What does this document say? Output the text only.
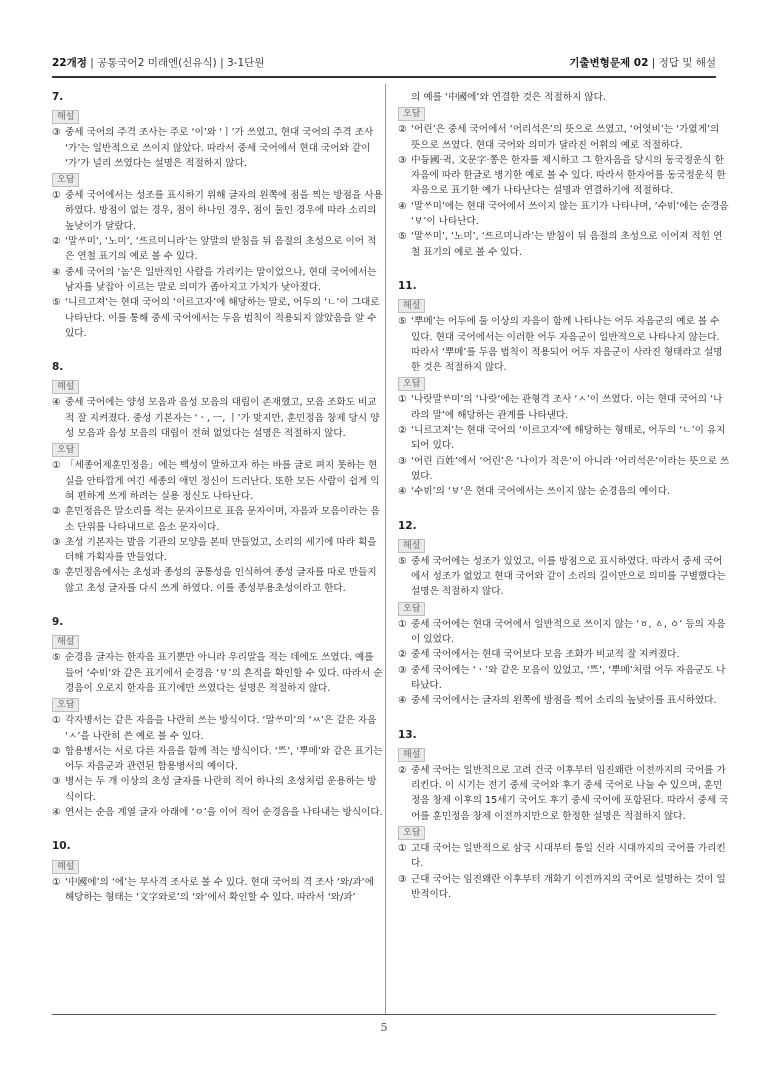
22개정 | 공통국어2 미래엔(신유식) | 3-1단원	기출변형문제 02 | 정답 및 해설
7.
해설
③ 중세 국어의 주격 조사는 주로 ‘이’와 ‘ㅣ’가 쓰였고, 현대 국어의 주격 조사 ‘가’는 일반적으로 쓰이지 않았다. 따라서 중세 국어에서 현대 국어와 같이 ‘가’가 널리 쓰였다는 설명은 적절하지 않다.
오답
① 중세 국어에서는 성조를 표시하기 위해 글자의 왼쪽에 점을 찍는 방점을 사용하였다. 방점이 없는 경우, 점이 하나인 경우, 점이 둘인 경우에 따라 소리의 높낮이가 달랐다.
② ‘말ᄊᆞ미’, ‘노미’, ‘ᄯᅳ르미니라’는 앞말의 받침을 뒤 음절의 초성으로 이어 적은 연철 표기의 예로 볼 수 있다.
④ 중세 국어의 ‘놈’은 일반적인 사람을 가리키는 말이었으나, 현대 국어에서는 남자를 낮잡아 이르는 말로 의미가 좁아지고 가치가 낮아졌다.
⑤ ‘니르고져’는 현대 국어의 ‘이르고자’에 해당하는 말로, 어두의 ‘ㄴ’이 그대로 나타난다. 이를 통해 중세 국어에서는 두음 법칙이 적용되지 않았음을 알 수 있다.
8.
해설
④ 중세 국어에는 양성 모음과 음성 모음의 대립이 존재했고, 모음 조화도 비교적 잘 지켜졌다. 중성 기본자는 ‘ㆍ, ㅡ, ㅣ’가 맞지만, 훈민정음 창제 당시 양성 모음과 음성 모음의 대립이 전혀 없었다는 설명은 적절하지 않다.
오답
① 「세종어제훈민정음」에는 백성이 말하고자 하는 바를 글로 펴지 못하는 현실을 안타깝게 여긴 세종의 애민 정신이 드러난다. 또한 모든 사람이 쉽게 익혀 편하게 쓰게 하려는 실용 정신도 나타난다.
② 훈민정음은 말소리를 적는 문자이므로 표음 문자이며, 자음과 모음이라는 음소 단위를 나타내므로 음소 문자이다.
③ 초성 기본자는 발음 기관의 모양을 본떠 만들었고, 소리의 세기에 따라 획을 더해 가획자를 만들었다.
⑤ 훈민정음에서는 초성과 종성의 공통성을 인식하여 종성 글자를 따로 만들지 않고 초성 글자를 다시 쓰게 하였다. 이를 종성부용초성이라고 한다.
9.
해설
⑤ 순경음 글자는 한자음 표기뿐만 아니라 우리말을 적는 데에도 쓰였다. 예를 들어 ‘수ᄫᅵ’와 같은 표기에서 순경음 ‘ㅸ’의 흔적을 확인할 수 있다. 따라서 순경음이 오로지 한자음 표기에만 쓰였다는 설명은 적절하지 않다.
오답
① 각자병서는 같은 자음을 나란히 쓰는 방식이다. ‘말ᄊᆞ미’의 ‘ㅆ’은 같은 자음 ‘ㅅ’을 나란히 쓴 예로 볼 수 있다.
② 합용병서는 서로 다른 자음을 함께 적는 방식이다. ‘ᄣᅳ’, ‘뿌메’와 같은 표기는 어두 자음군과 관련된 합용병서의 예이다.
③ 병서는 두 개 이상의 초성 글자를 나란히 적어 하나의 초성처럼 운용하는 방식이다.
④ 연서는 순음 계열 글자 아래에 ‘ㅇ’을 이어 적어 순경음을 나타내는 방식이다.
10.
해설
① ‘中國에’의 ‘에’는 부사격 조사로 볼 수 있다. 현대 국어의 격 조사 ‘와/과’에 해당하는 형태는 ‘文字와로’의 ‘와’에서 확인할 수 있다. 따라서 ‘와/과’

의 예를 ‘中國에’와 연결한 것은 적절하지 않다.

오답
② ‘어린’은 중세 국어에서 ‘어리석은’의 뜻으로 쓰였고, ‘어엿비’는 ‘가엾게’의 뜻으로 쓰였다. 현대 국어와 의미가 달라진 어휘의 예로 적절하다.
③ 中듕國·귁, 文문字·쫑은 한자를 제시하고 그 한자음을 당시의 동국정운식 한자음에 따라 한글로 병기한 예로 볼 수 있다. 따라서 한자어를 동국정운식 한자음으로 표기한 예가 나타난다는 설명과 연결하기에 적절하다.
④ ‘말ᄊᆞ미’에는 현대 국어에서 쓰이지 않는 표기가 나타나며, ‘수ᄫᅵ’에는 순경음 ‘ㅸ’이 나타난다.
⑤ ‘말ᄊᆞ미’, ‘노미’, ‘ᄯᅳ르미니라’는 받침이 뒤 음절의 초성으로 이어져 적힌 연철 표기의 예로 볼 수 있다.
11.
해설
⑤ ‘뿌메’는 어두에 둘 이상의 자음이 함께 나타나는 어두 자음군의 예로 볼 수 있다. 현대 국어에서는 이러한 어두 자음군이 일반적으로 나타나지 않는다. 따라서 ‘뿌메’를 두음 법칙이 적용되어 어두 자음군이 사라진 형태라고 설명한 것은 적절하지 않다.
오답
① ‘나랏말ᄊᆞ미’의 ‘나랏’에는 관형격 조사 ‘ㅅ’이 쓰였다. 이는 현대 국어의 ‘나라의 말’에 해당하는 관계를 나타낸다.
② ‘니르고져’는 현대 국어의 ‘이르고자’에 해당하는 형태로, 어두의 ‘ㄴ’이 유지되어 있다.
③ ‘어린 百姓’에서 ‘어린’은 ‘나이가 적은’이 아니라 ‘어리석은’이라는 뜻으로 쓰였다.
④ ‘수ᄫᅵ’의 ‘ㅸ’은 현대 국어에서는 쓰이지 않는 순경음의 예이다.
12.
해설
⑤ 중세 국어에는 성조가 있었고, 이를 방점으로 표시하였다. 따라서 중세 국어에서 성조가 없었고 현대 국어와 같이 소리의 길이만으로 의미를 구별했다는 설명은 적절하지 않다.
오답
① 중세 국어에는 현대 국어에서 일반적으로 쓰이지 않는 ‘ㆆ, ㅿ, ㆁ’ 등의 자음이 있었다.
② 중세 국어에서는 현대 국어보다 모음 조화가 비교적 잘 지켜졌다.
③ 중세 국어에는 ‘ㆍ’와 같은 모음이 있었고, ‘ᄣᅳ’, ‘뿌메’처럼 어두 자음군도 나타났다.
④ 중세 국어에서는 글자의 왼쪽에 방점을 찍어 소리의 높낮이를 표시하였다.
13.
해설
② 중세 국어는 일반적으로 고려 건국 이후부터 임진왜란 이전까지의 국어를 가리킨다. 이 시기는 전기 중세 국어와 후기 중세 국어로 나눌 수 있으며, 훈민정음 창제 이후의 15세기 국어도 후기 중세 국어에 포함된다. 따라서 중세 국어를 훈민정음 창제 이전까지만으로 한정한 설명은 적절하지 않다.
오답
① 고대 국어는 일반적으로 삼국 시대부터 통일 신라 시대까지의 국어를 가리킨다.
③ 근대 국어는 임진왜란 이후부터 개화기 이전까지의 국어로 설명하는 것이 일반적이다.
5
